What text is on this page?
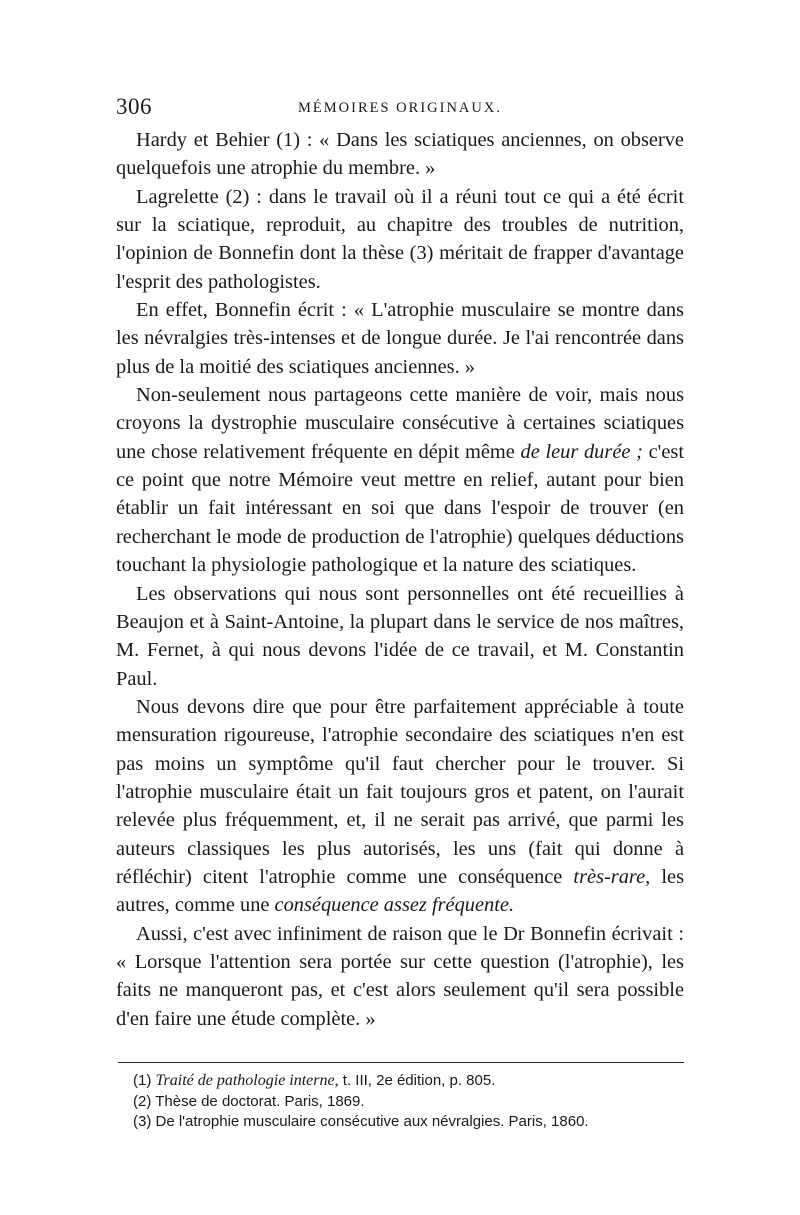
306	MÉMOIRES ORIGINAUX.

Hardy et Behier (1) : « Dans les sciatiques anciennes, on observe quelquefois une atrophie du membre. »

Lagrelette (2) : dans le travail où il a réuni tout ce qui a été écrit sur la sciatique, reproduit, au chapitre des troubles de nutrition, l'opinion de Bonnefin dont la thèse (3) méritait de frapper d'avantage l'esprit des pathologistes.

En effet, Bonnefin écrit : « L'atrophie musculaire se montre dans les névralgies très-intenses et de longue durée. Je l'ai rencontrée dans plus de la moitié des sciatiques anciennes. »

Non-seulement nous partageons cette manière de voir, mais nous croyons la dystrophie musculaire consécutive à certaines sciatiques une chose relativement fréquente en dépit même de leur durée ; c'est ce point que notre Mémoire veut mettre en relief, autant pour bien établir un fait intéressant en soi que dans l'espoir de trouver (en recherchant le mode de production de l'atrophie) quelques déductions touchant la physiologie pathologique et la nature des sciatiques.

Les observations qui nous sont personnelles ont été recueillies à Beaujon et à Saint-Antoine, la plupart dans le service de nos maîtres, M. Fernet, à qui nous devons l'idée de ce travail, et M. Constantin Paul.

Nous devons dire que pour être parfaitement appréciable à toute mensuration rigoureuse, l'atrophie secondaire des sciatiques n'en est pas moins un symptôme qu'il faut chercher pour le trouver. Si l'atrophie musculaire était un fait toujours gros et patent, on l'aurait relevée plus fréquemment, et, il ne serait pas arrivé, que parmi les auteurs classiques les plus autorisés, les uns (fait qui donne à réfléchir) citent l'atrophie comme une conséquence très-rare, les autres, comme une conséquence assez fréquente.

Aussi, c'est avec infiniment de raison que le Dr Bonnefin écrivait : « Lorsque l'attention sera portée sur cette question (l'atrophie), les faits ne manqueront pas, et c'est alors seulement qu'il sera possible d'en faire une étude complète. »

(1) Traité de pathologie interne, t. III, 2e édition, p. 805.
(2) Thèse de doctorat. Paris, 1869.
(3) De l'atrophie musculaire consécutive aux névralgies. Paris, 1860.
